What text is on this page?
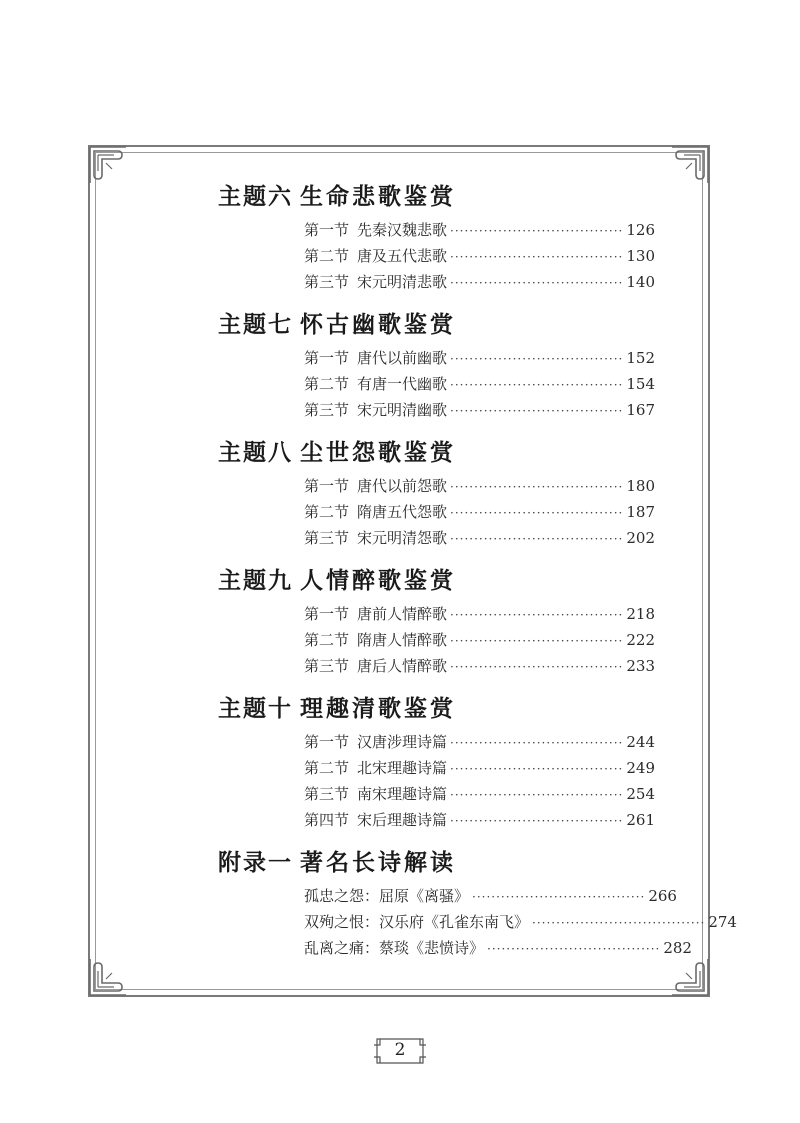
主题六 生命悲歌鉴赏
第一节 先秦汉魏悲歌 ···································· 126
第二节 唐及五代悲歌 ···································· 130
第三节 宋元明清悲歌 ···································· 140
主题七 怀古幽歌鉴赏
第一节 唐代以前幽歌 ···································· 152
第二节 有唐一代幽歌 ···································· 154
第三节 宋元明清幽歌 ···································· 167
主题八 尘世怨歌鉴赏
第一节 唐代以前怨歌 ···································· 180
第二节 隋唐五代怨歌 ···································· 187
第三节 宋元明清怨歌 ···································· 202
主题九 人情醉歌鉴赏
第一节 唐前人情醉歌 ···································· 218
第二节 隋唐人情醉歌 ···································· 222
第三节 唐后人情醉歌 ···································· 233
主题十 理趣清歌鉴赏
第一节 汉唐涉理诗篇 ···································· 244
第二节 北宋理趣诗篇 ···································· 249
第三节 南宋理趣诗篇 ···································· 254
第四节 宋后理趣诗篇 ···································· 261
附录一 著名长诗解读
孤忠之怨：屈原《离骚》 ···································· 266
双殉之恨：汉乐府《孔雀东南飞》 ···································· 274
乱离之痛：蔡琰《悲愤诗》 ···································· 282
2
